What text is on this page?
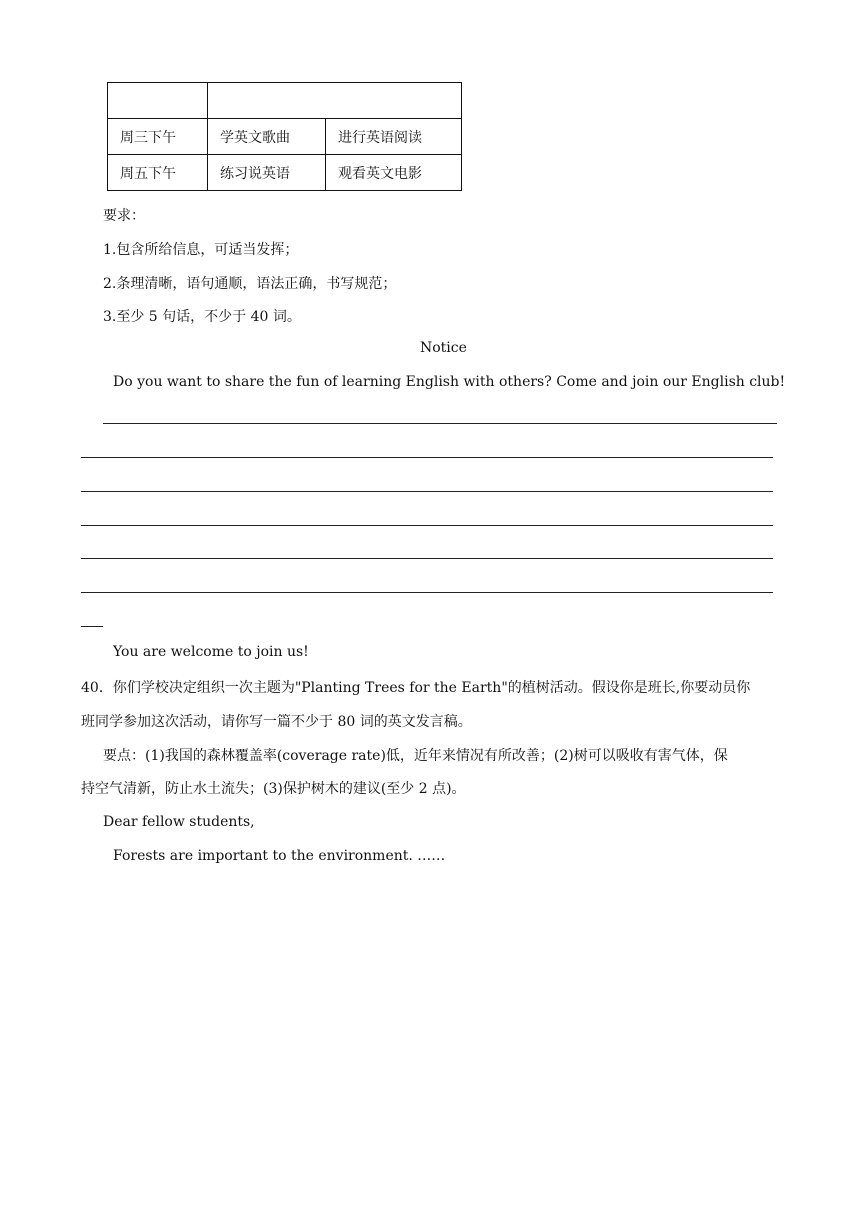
周三下午	学英文歌曲	进行英语阅读
周五下午	练习说英语	观看英文电影
要求：
1.包含所给信息，可适当发挥；
2.条理清晰，语句通顺，语法正确，书写规范；
3.至少 5 句话，不少于 40 词。
Notice
Do you want to share the fun of learning English with others? Come and join our English club!
You are welcome to join us!
40．你们学校决定组织一次主题为"Planting Trees for the Earth"的植树活动。假设你是班长,你要动员你
班同学参加这次活动，请你写一篇不少于 80 词的英文发言稿。
要点：(1)我国的森林覆盖率(coverage rate)低，近年来情况有所改善；(2)树可以吸收有害气体，保
持空气清新，防止水土流失；(3)保护树木的建议(至少 2 点)。
Dear fellow students,
Forests are important to the environment. ……
